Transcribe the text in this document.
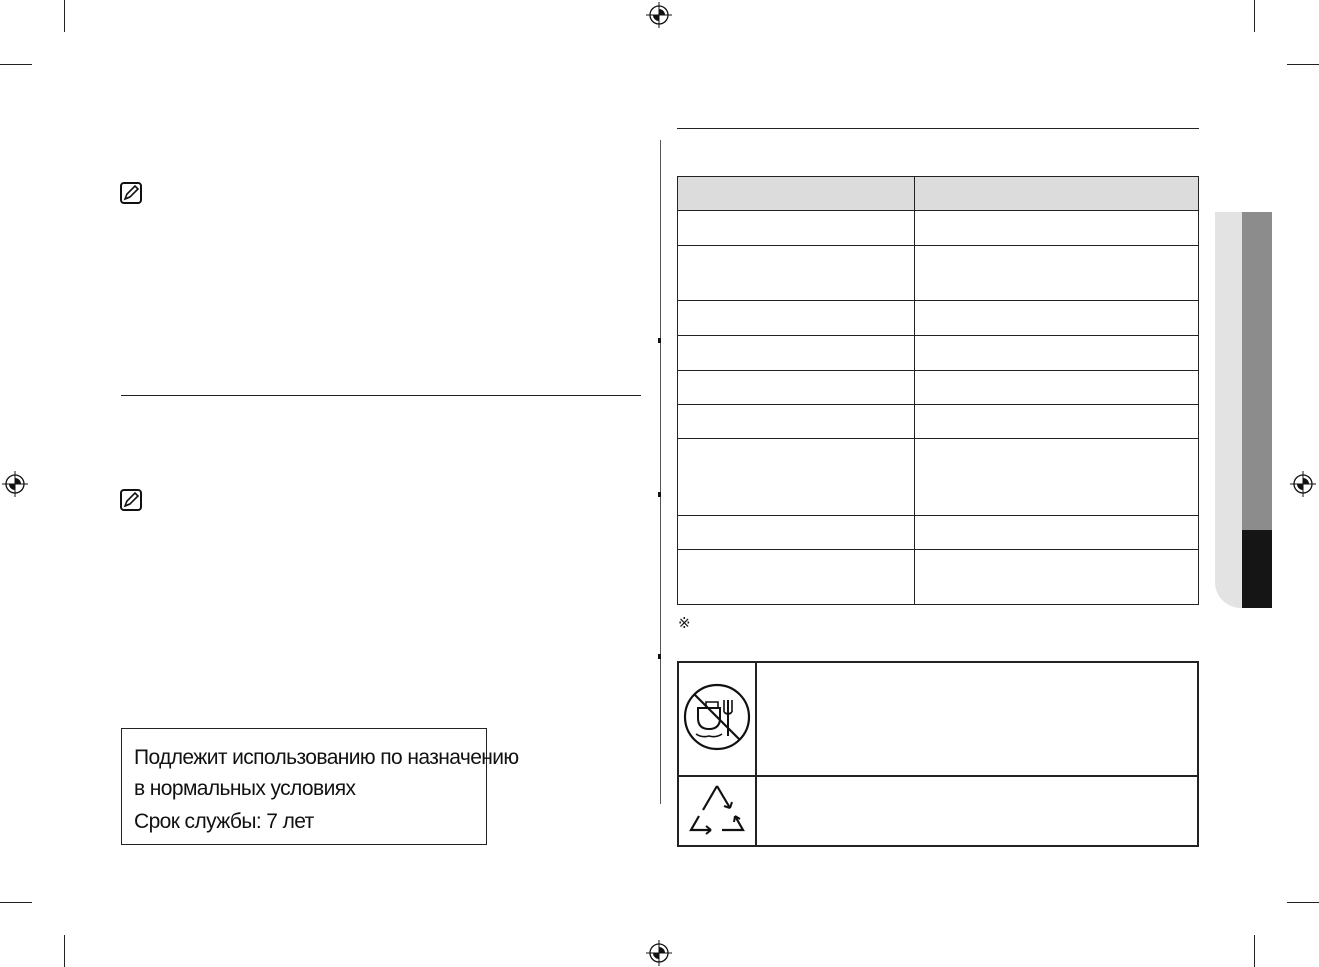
Подлежит использованию по назначению
в нормальных условиях
Срок службы: 7 лет

※
